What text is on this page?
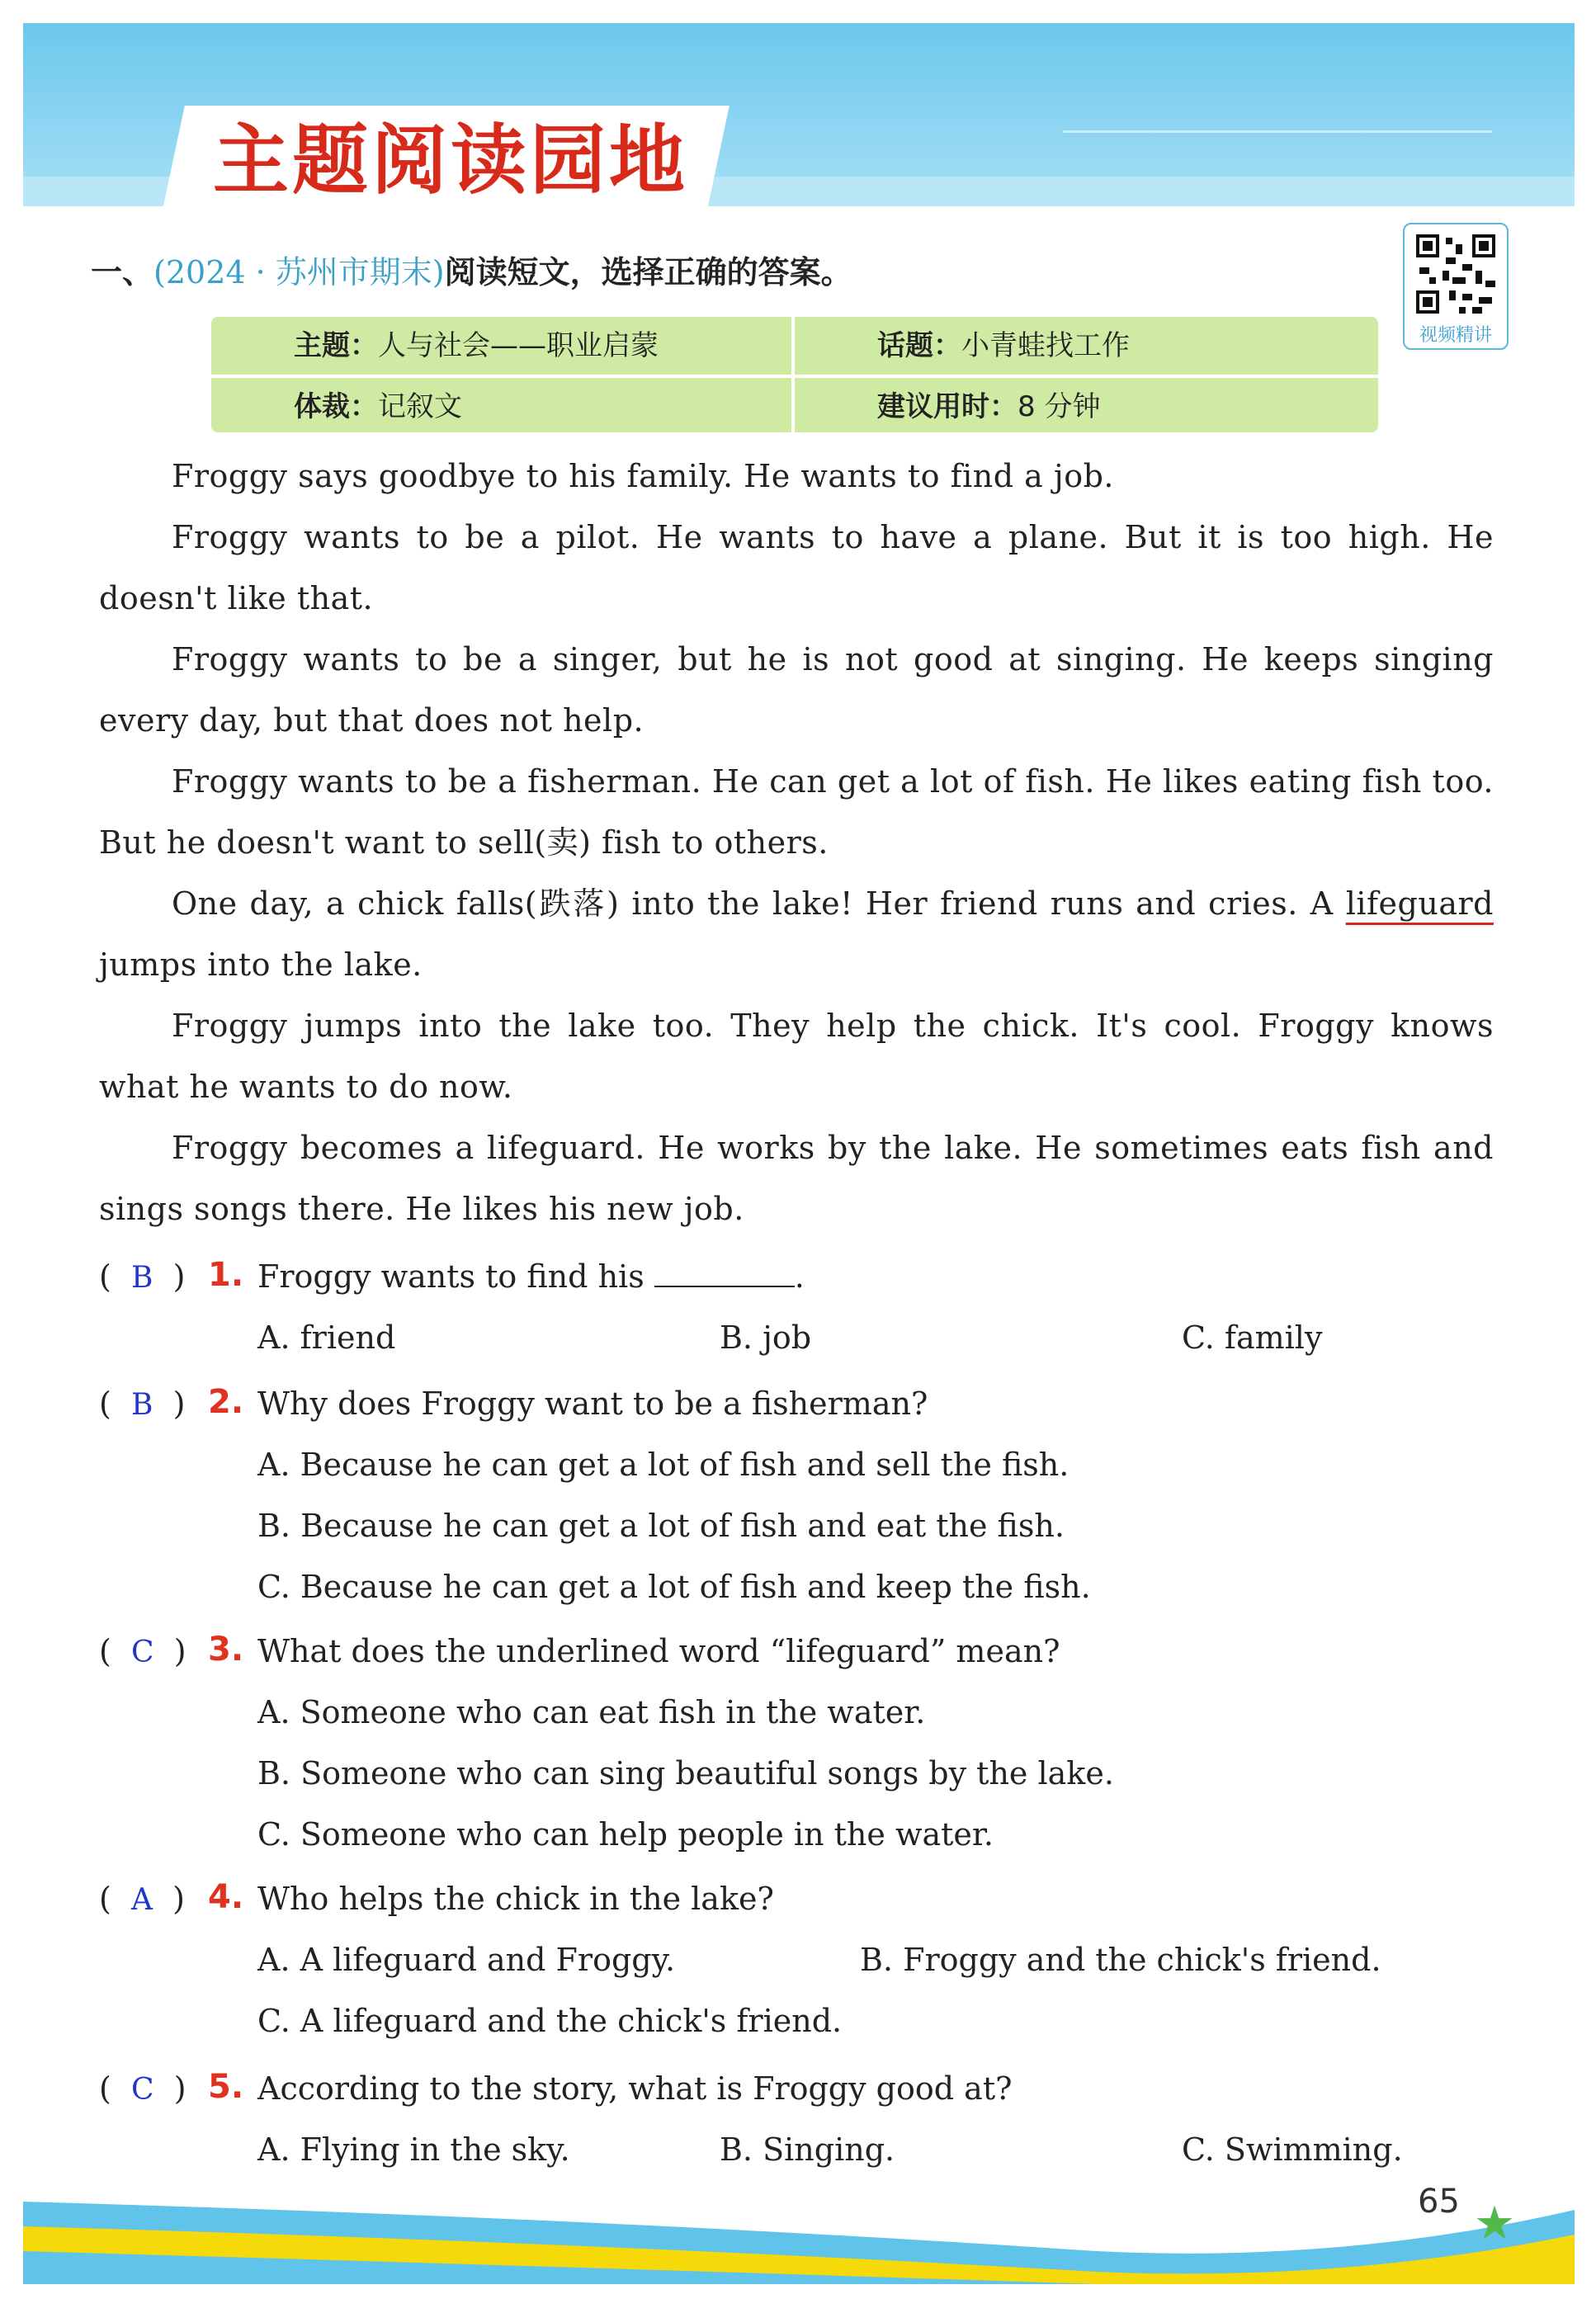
主题阅读园地
一、(2024 · 苏州市期末)阅读短文，选择正确的答案。
视频精讲
主题：人与社会——职业启蒙	话题：小青蛙找工作
体裁：记叙文	建议用时：8 分钟

Froggy says goodbye to his family. He wants to find a job.

Froggy wants to be a pilot. He wants to have a plane. But it is too high. He doesn't like that.

Froggy wants to be a singer, but he is not good at singing. He keeps singing every day, but that does not help.

Froggy wants to be a fisherman. He can get a lot of fish. He likes eating fish too. But he doesn't want to sell(卖) fish to others.

One day, a chick falls(跌落) into the lake! Her friend runs and cries. A lifeguard jumps into the lake.

Froggy jumps into the lake too. They help the chick. It's cool. Froggy knows what he wants to do now.

Froggy becomes a lifeguard. He works by the lake. He sometimes eats fish and sings songs there. He likes his new job.

(  B  ) 1. Froggy wants to find his	.
A. friend	B. job	C. family
(  B  ) 2. Why does Froggy want to be a fisherman?
A. Because he can get a lot of fish and sell the fish.
B. Because he can get a lot of fish and eat the fish.
C. Because he can get a lot of fish and keep the fish.
(  C  ) 3. What does the underlined word “lifeguard” mean?
A. Someone who can eat fish in the water.
B. Someone who can sing beautiful songs by the lake.
C. Someone who can help people in the water.
(  A  ) 4. Who helps the chick in the lake?
A. A lifeguard and Froggy.	B. Froggy and the chick's friend.
C. A lifeguard and the chick's friend.
(  C  ) 5. According to the story, what is Froggy good at?
A. Flying in the sky.	B. Singing.	C. Swimming.
65 ★
